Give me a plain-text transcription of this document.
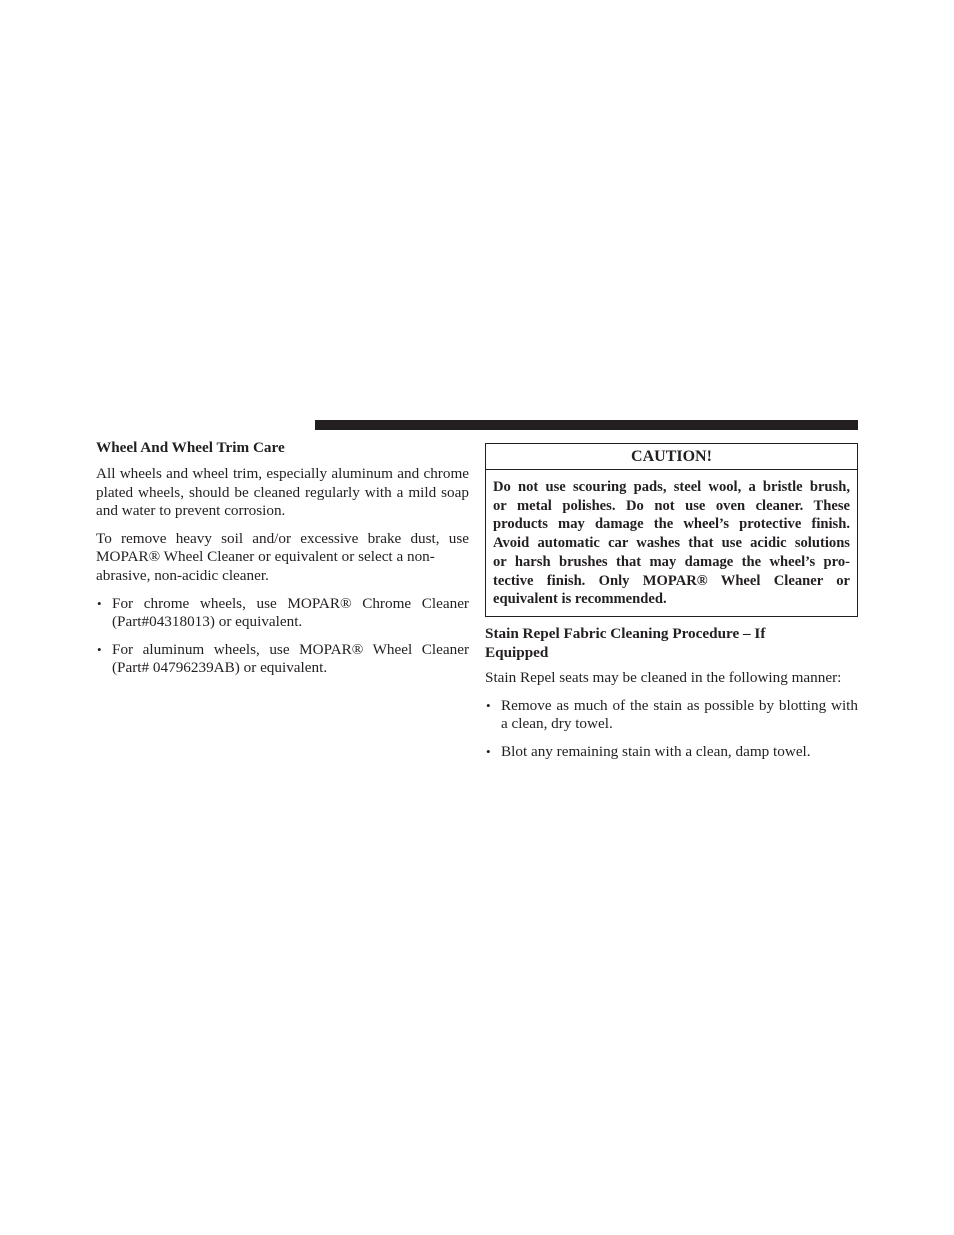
Wheel And Wheel Trim Care

All wheels and wheel trim, especially aluminum and chrome plated wheels, should be cleaned regularly with a mild soap and water to prevent corrosion.

To remove heavy soil and/or excessive brake dust, use MOPAR® Wheel Cleaner or equivalent or select a non-
abrasive, non-acidic cleaner.

• For chrome wheels, use MOPAR® Chrome Cleaner (Part#04318013) or equivalent.
• For aluminum wheels, use MOPAR® Wheel Cleaner (Part# 04796239AB) or equivalent.
CAUTION!
Do not use scouring pads, steel wool, a bristle brush,
or metal polishes. Do not use oven cleaner. These
products may damage the wheel’s protective finish.
Avoid automatic car washes that use acidic solutions
or harsh brushes that may damage the wheel’s pro-
tective finish. Only MOPAR® Wheel Cleaner or
equivalent is recommended.
Stain Repel Fabric Cleaning Procedure – If Equipped

Stain Repel seats may be cleaned in the following manner:

• Remove as much of the stain as possible by blotting with a clean, dry towel.
• Blot any remaining stain with a clean, damp towel.
